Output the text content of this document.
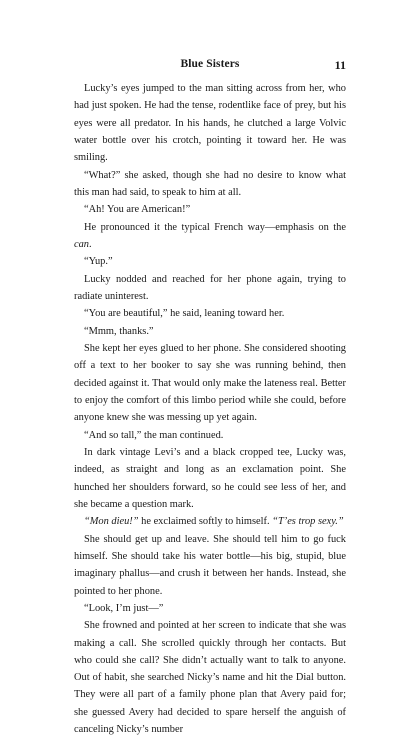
Blue Sisters	11

Lucky’s eyes jumped to the man sitting across from her, who had just spoken. He had the tense, rodentlike face of prey, but his eyes were all predator. In his hands, he clutched a large Volvic water bottle over his crotch, pointing it toward her. He was smiling.

“What?” she asked, though she had no desire to know what this man had said, to speak to him at all.

“Ah! You are American!”

He pronounced it the typical French way—emphasis on the can.

“Yup.”

Lucky nodded and reached for her phone again, trying to radiate uninterest.

“You are beautiful,” he said, leaning toward her.

“Mmm, thanks.”

She kept her eyes glued to her phone. She considered shooting off a text to her booker to say she was running behind, then decided against it. That would only make the lateness real. Better to enjoy the comfort of this limbo period while she could, before anyone knew she was messing up yet again.

“And so tall,” the man continued.

In dark vintage Levi’s and a black cropped tee, Lucky was, indeed, as straight and long as an exclamation point. She hunched her shoulders forward, so he could see less of her, and she became a question mark.

“Mon dieu!” he exclaimed softly to himself. “T’es trop sexy.”

She should get up and leave. She should tell him to go fuck himself. She should take his water bottle—his big, stupid, blue imaginary phallus—and crush it between her hands. Instead, she pointed to her phone.

“Look, I’m just—”

She frowned and pointed at her screen to indicate that she was making a call. She scrolled quickly through her contacts. But who could she call? She didn’t actually want to talk to anyone. Out of habit, she searched Nicky’s name and hit the Dial button. They were all part of a family phone plan that Avery paid for; she guessed Avery had decided to spare herself the anguish of canceling Nicky’s number
